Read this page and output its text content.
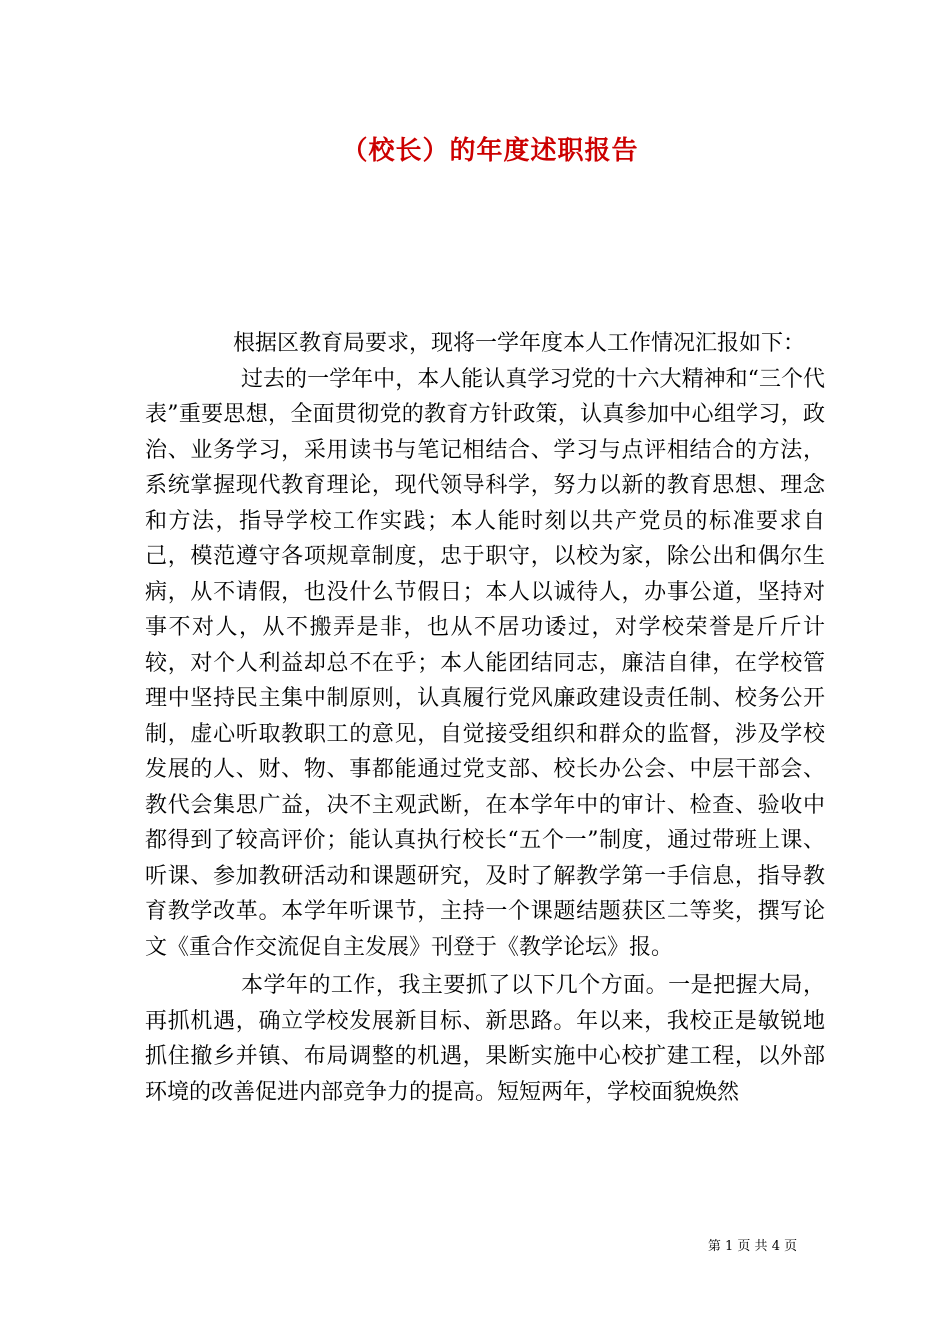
（校长）的年度述职报告

根据区教育局要求，现将一学年度本人工作情况汇报如下：

过去的一学年中，本人能认真学习党的十六大精神和“三个代表”重要思想，全面贯彻党的教育方针政策，认真参加中心组学习，政治、业务学习，采用读书与笔记相结合、学习与点评相结合的方法，系统掌握现代教育理论，现代领导科学，努力以新的教育思想、理念和方法，指导学校工作实践；本人能时刻以共产党员的标准要求自己，模范遵守各项规章制度，忠于职守，以校为家，除公出和偶尔生病，从不请假，也没什么节假日；本人以诚待人，办事公道，坚持对事不对人，从不搬弄是非，也从不居功诿过，对学校荣誉是斤斤计较，对个人利益却总不在乎；本人能团结同志，廉洁自律，在学校管理中坚持民主集中制原则，认真履行党风廉政建设责任制、校务公开制，虚心听取教职工的意见，自觉接受组织和群众的监督，涉及学校发展的人、财、物、事都能通过党支部、校长办公会、中层干部会、教代会集思广益，决不主观武断，在本学年中的审计、检查、验收中都得到了较高评价；能认真执行校长“五个一”制度，通过带班上课、听课、参加教研活动和课题研究，及时了解教学第一手信息，指导教育教学改革。本学年听课节，主持一个课题结题获区二等奖，撰写论文《重合作交流促自主发展》刊登于《教学论坛》报。

本学年的工作，我主要抓了以下几个方面。一是把握大局，再抓机遇，确立学校发展新目标、新思路。年以来，我校正是敏锐地抓住撤乡并镇、布局调整的机遇，果断实施中心校扩建工程，以外部环境的改善促进内部竞争力的提高。短短两年，学校面貌焕然

第 1 页 共 4 页
